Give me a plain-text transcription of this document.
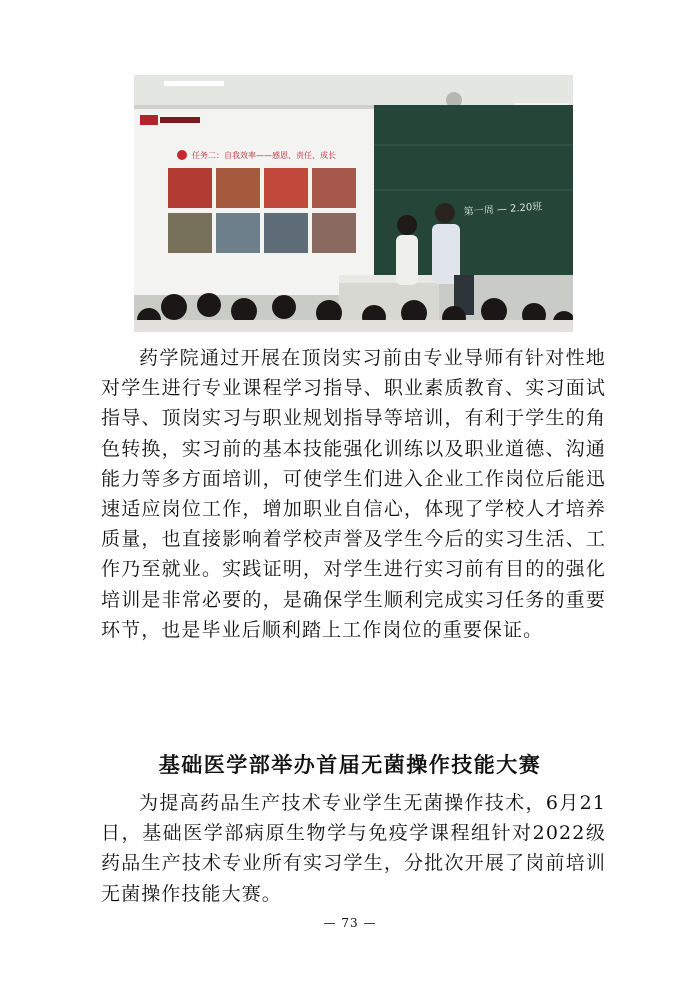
第一周 — 2.20班
任务二：自我效率——感恩、责任、成长

药学院通过开展在顶岗实习前由专业导师有针对性地对学生进行专业课程学习指导、职业素质教育、实习面试指导、顶岗实习与职业规划指导等培训，有利于学生的角色转换，实习前的基本技能强化训练以及职业道德、沟通能力等多方面培训，可使学生们进入企业工作岗位后能迅速适应岗位工作，增加职业自信心，体现了学校人才培养质量，也直接影响着学校声誉及学生今后的实习生活、工作乃至就业。实践证明，对学生进行实习前有目的的强化培训是非常必要的，是确保学生顺利完成实习任务的重要环节，也是毕业后顺利踏上工作岗位的重要保证。

基础医学部举办首届无菌操作技能大赛

为提高药品生产技术专业学生无菌操作技术，6月21日，基础医学部病原生物学与免疫学课程组针对2022级药品生产技术专业所有实习学生，分批次开展了岗前培训无菌操作技能大赛。

— 73 —
